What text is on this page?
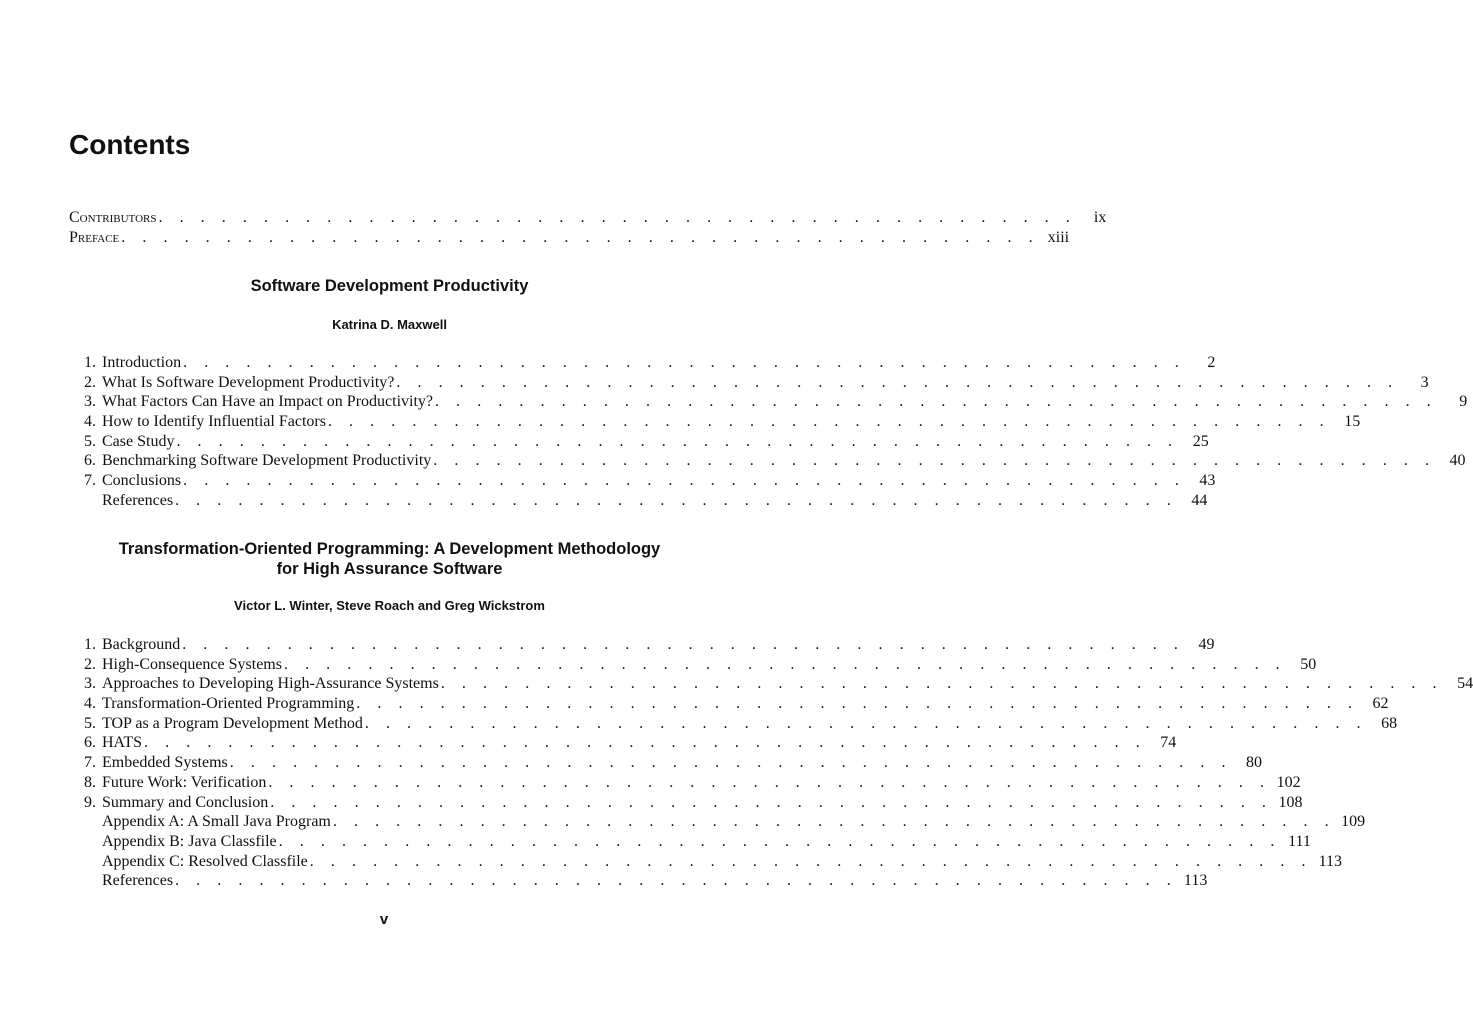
Contents
Contributors . . . . . . . . . . . . . . . . . . . . . . . . . . . . . . . . . . . . . . . . . . . .	ix
Preface . . . . . . . . . . . . . . . . . . . . . . . . . . . . . . . . . . . . . . . . . . . . xiii

Software Development Productivity

Katrina D. Maxwell

1. Introduction . . . . . . . . . . . . . . . . . . . . . . . . . . . . . . . . . . . . . . . . . . . . . . . .	2
2. What Is Software Development Productivity? . . . . . . . . . . . . . . . . . . . . . . . . . . . . . . . . . . . . . . . . . . . . . . . .	3
3. What Factors Can Have an Impact on Productivity? . . . . . . . . . . . . . . . . . . . . . . . . . . . . . . . . . . . . . . . . . . . . . . . .	9
4. How to Identify Influential Factors . . . . . . . . . . . . . . . . . . . . . . . . . . . . . . . . . . . . . . . . . . . . . . . . 15
5. Case Study . . . . . . . . . . . . . . . . . . . . . . . . . . . . . . . . . . . . . . . . . . . . . . . . 25
6. Benchmarking Software Development Productivity . . . . . . . . . . . . . . . . . . . . . . . . . . . . . . . . . . . . . . . . . . . . . . . . 40
7. Conclusions . . . . . . . . . . . . . . . . . . . . . . . . . . . . . . . . . . . . . . . . . . . . . . . . 43
References . . . . . . . . . . . . . . . . . . . . . . . . . . . . . . . . . . . . . . . . . . . . . . . . 44

Transformation-Oriented Programming: A Development Methodology

for High Assurance Software

Victor L. Winter, Steve Roach and Greg Wickstrom

1. Background . . . . . . . . . . . . . . . . . . . . . . . . . . . . . . . . . . . . . . . . . . . . . . . . 49
2. High-Consequence Systems . . . . . . . . . . . . . . . . . . . . . . . . . . . . . . . . . . . . . . . . . . . . . . . . 50
3. Approaches to Developing High-Assurance Systems . . . . . . . . . . . . . . . . . . . . . . . . . . . . . . . . . . . . . . . . . . . . . . . . 54
4. Transformation-Oriented Programming . . . . . . . . . . . . . . . . . . . . . . . . . . . . . . . . . . . . . . . . . . . . . . . . 62
5. TOP as a Program Development Method . . . . . . . . . . . . . . . . . . . . . . . . . . . . . . . . . . . . . . . . . . . . . . . . 68
6. HATS . . . . . . . . . . . . . . . . . . . . . . . . . . . . . . . . . . . . . . . . . . . . . . . . 74
7. Embedded Systems . . . . . . . . . . . . . . . . . . . . . . . . . . . . . . . . . . . . . . . . . . . . . . . . 80
8. Future Work: Verification . . . . . . . . . . . . . . . . . . . . . . . . . . . . . . . . . . . . . . . . . . . . . . . . 102
9. Summary and Conclusion . . . . . . . . . . . . . . . . . . . . . . . . . . . . . . . . . . . . . . . . . . . . . . . . 108
Appendix A: A Small Java Program . . . . . . . . . . . . . . . . . . . . . . . . . . . . . . . . . . . . . . . . . . . . . . . . 109
Appendix B: Java Classfile . . . . . . . . . . . . . . . . . . . . . . . . . . . . . . . . . . . . . . . . . . . . . . . . 111
Appendix C: Resolved Classfile . . . . . . . . . . . . . . . . . . . . . . . . . . . . . . . . . . . . . . . . . . . . . . . . 113
References . . . . . . . . . . . . . . . . . . . . . . . . . . . . . . . . . . . . . . . . . . . . . . . . 113
v
